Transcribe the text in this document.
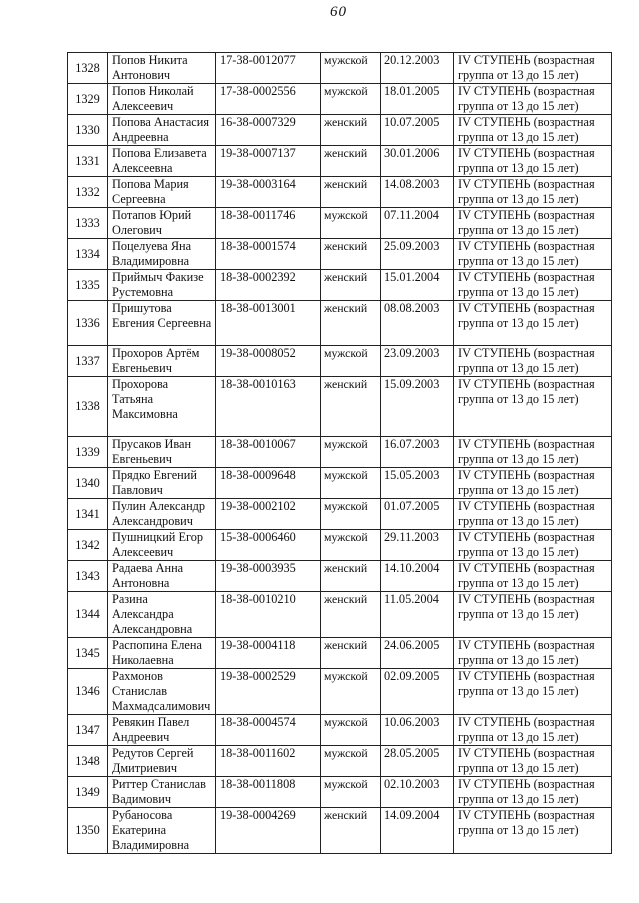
60
1328	Попов Никита Антонович	17-38-0012077	мужской	20.12.2003	IV СТУПЕНЬ (возрастная группа от 13 до 15 лет)
1329	Попов Николай Алексеевич	17-38-0002556	мужской	18.01.2005	IV СТУПЕНЬ (возрастная группа от 13 до 15 лет)
1330	Попова Анастасия Андреевна	16-38-0007329	женский	10.07.2005	IV СТУПЕНЬ (возрастная группа от 13 до 15 лет)
1331	Попова Елизавета Алексеевна	19-38-0007137	женский	30.01.2006	IV СТУПЕНЬ (возрастная группа от 13 до 15 лет)
1332	Попова Мария Сергеевна	19-38-0003164	женский	14.08.2003	IV СТУПЕНЬ (возрастная группа от 13 до 15 лет)
1333	Потапов Юрий Олегович	18-38-0011746	мужской	07.11.2004	IV СТУПЕНЬ (возрастная группа от 13 до 15 лет)
1334	Поцелуева Яна Владимировна	18-38-0001574	женский	25.09.2003	IV СТУПЕНЬ (возрастная группа от 13 до 15 лет)
1335	Приймыч Факизе Рустемовна	18-38-0002392	женский	15.01.2004	IV СТУПЕНЬ (возрастная группа от 13 до 15 лет)
1336	Пришутова Евгения Сергеевна	18-38-0013001	женский	08.08.2003	IV СТУПЕНЬ (возрастная группа от 13 до 15 лет)
1337	Прохоров Артём Евгеньевич	19-38-0008052	мужской	23.09.2003	IV СТУПЕНЬ (возрастная группа от 13 до 15 лет)
1338	Прохорова Татьяна Максимовна	18-38-0010163	женский	15.09.2003	IV СТУПЕНЬ (возрастная группа от 13 до 15 лет)
1339	Прусаков Иван Евгеньевич	18-38-0010067	мужской	16.07.2003	IV СТУПЕНЬ (возрастная группа от 13 до 15 лет)
1340	Прядко Евгений Павлович	18-38-0009648	мужской	15.05.2003	IV СТУПЕНЬ (возрастная группа от 13 до 15 лет)
1341	Пулин Александр Александрович	19-38-0002102	мужской	01.07.2005	IV СТУПЕНЬ (возрастная группа от 13 до 15 лет)
1342	Пушницкий Егор Алексеевич	15-38-0006460	мужской	29.11.2003	IV СТУПЕНЬ (возрастная группа от 13 до 15 лет)
1343	Радаева Анна Антоновна	19-38-0003935	женский	14.10.2004	IV СТУПЕНЬ (возрастная группа от 13 до 15 лет)
1344	Разина Александра Александровна	18-38-0010210	женский	11.05.2004	IV СТУПЕНЬ (возрастная группа от 13 до 15 лет)
1345	Распопина Елена Николаевна	19-38-0004118	женский	24.06.2005	IV СТУПЕНЬ (возрастная группа от 13 до 15 лет)
1346	Рахмонов Станислав Махмадсалимович	19-38-0002529	мужской	02.09.2005	IV СТУПЕНЬ (возрастная группа от 13 до 15 лет)
1347	Ревякин Павел Андреевич	18-38-0004574	мужской	10.06.2003	IV СТУПЕНЬ (возрастная группа от 13 до 15 лет)
1348	Редутов Сергей Дмитриевич	18-38-0011602	мужской	28.05.2005	IV СТУПЕНЬ (возрастная группа от 13 до 15 лет)
1349	Риттер Станислав Вадимович	18-38-0011808	мужской	02.10.2003	IV СТУПЕНЬ (возрастная группа от 13 до 15 лет)
1350	Рубаносова Екатерина Владимировна	19-38-0004269	женский	14.09.2004	IV СТУПЕНЬ (возрастная группа от 13 до 15 лет)
